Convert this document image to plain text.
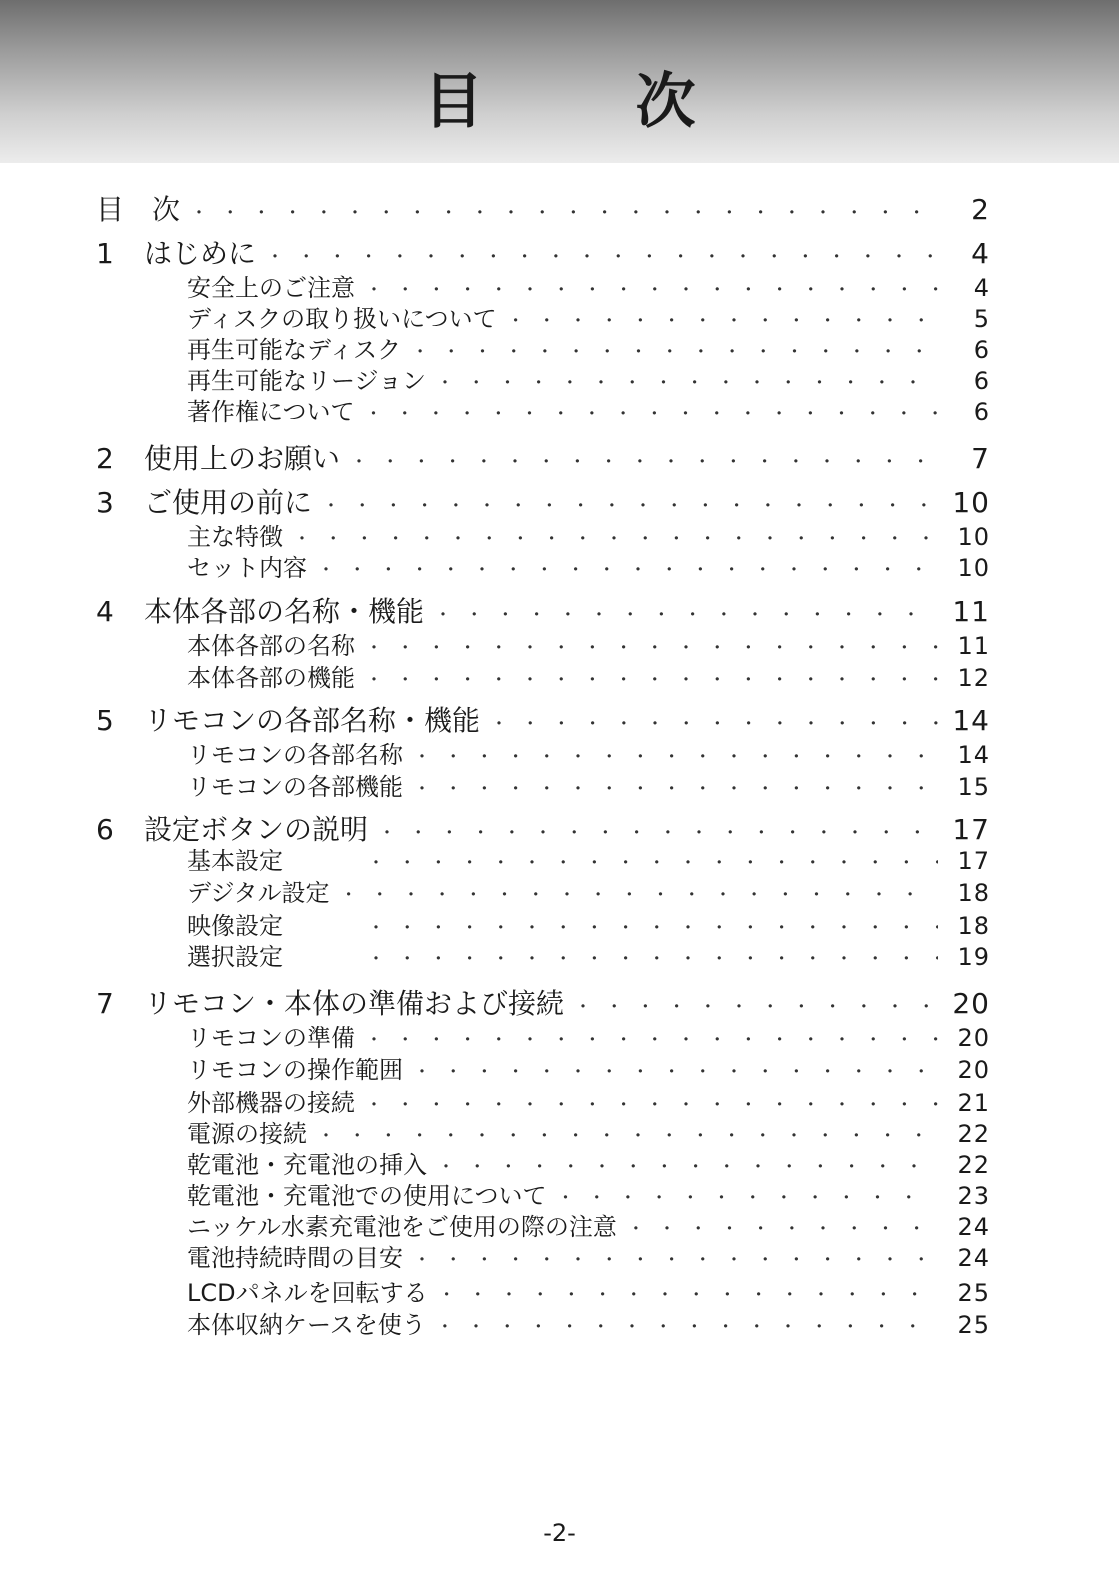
目　次
目　次 ・・・・・・・・・・・・・・・・・・・・・・・・・・・・・・・・・・・・・・・・・・・・・・・・・・・・・・	2
1	はじめに ・・・・・・・・・・・・・・・・・・・・・・・・・・・・・・・・・・・・・・・・・・・・・・・・・・・・・・	4
安全上のご注意 ・・・・・・・・・・・・・・・・・・・・・・・・・・・・・・・・・・・・・・・・・・・・・・・・・・・・・・	4
ディスクの取り扱いについて ・・・・・・・・・・・・・・・・・・・・・・・・・・・・・・・・・・・・・・・・・・・・・・・・・・・・・・	5
再生可能なディスク ・・・・・・・・・・・・・・・・・・・・・・・・・・・・・・・・・・・・・・・・・・・・・・・・・・・・・・	6
再生可能なリージョン ・・・・・・・・・・・・・・・・・・・・・・・・・・・・・・・・・・・・・・・・・・・・・・・・・・・・・・	6
著作権について ・・・・・・・・・・・・・・・・・・・・・・・・・・・・・・・・・・・・・・・・・・・・・・・・・・・・・・	6
2	使用上のお願い ・・・・・・・・・・・・・・・・・・・・・・・・・・・・・・・・・・・・・・・・・・・・・・・・・・・・・・	7
3	ご使用の前に ・・・・・・・・・・・・・・・・・・・・・・・・・・・・・・・・・・・・・・・・・・・・・・・・・・・・・・	10
主な特徴 ・・・・・・・・・・・・・・・・・・・・・・・・・・・・・・・・・・・・・・・・・・・・・・・・・・・・・・	10
セット内容 ・・・・・・・・・・・・・・・・・・・・・・・・・・・・・・・・・・・・・・・・・・・・・・・・・・・・・・	10
4	本体各部の名称・機能 ・・・・・・・・・・・・・・・・・・・・・・・・・・・・・・・・・・・・・・・・・・・・・・・・・・・・・・	11
本体各部の名称 ・・・・・・・・・・・・・・・・・・・・・・・・・・・・・・・・・・・・・・・・・・・・・・・・・・・・・・	11
本体各部の機能 ・・・・・・・・・・・・・・・・・・・・・・・・・・・・・・・・・・・・・・・・・・・・・・・・・・・・・・	12
5	リモコンの各部名称・機能 ・・・・・・・・・・・・・・・・・・・・・・・・・・・・・・・・・・・・・・・・・・・・・・・・・・・・・・	14
リモコンの各部名称 ・・・・・・・・・・・・・・・・・・・・・・・・・・・・・・・・・・・・・・・・・・・・・・・・・・・・・・	14
リモコンの各部機能 ・・・・・・・・・・・・・・・・・・・・・・・・・・・・・・・・・・・・・・・・・・・・・・・・・・・・・・	15
6	設定ボタンの説明 ・・・・・・・・・・・・・・・・・・・・・・・・・・・・・・・・・・・・・・・・・・・・・・・・・・・・・・	17
基本設定 ・・・・・・・・・・・・・・・・・・・・・・・・・・・・・・・・・・・・・・・・・・・・・・・・・・・・・・	17
デジタル設定 ・・・・・・・・・・・・・・・・・・・・・・・・・・・・・・・・・・・・・・・・・・・・・・・・・・・・・・	18
映像設定 ・・・・・・・・・・・・・・・・・・・・・・・・・・・・・・・・・・・・・・・・・・・・・・・・・・・・・・	18
選択設定 ・・・・・・・・・・・・・・・・・・・・・・・・・・・・・・・・・・・・・・・・・・・・・・・・・・・・・・	19
7	リモコン・本体の準備および接続 ・・・・・・・・・・・・・・・・・・・・・・・・・・・・・・・・・・・・・・・・・・・・・・・・・・・・・・	20
リモコンの準備 ・・・・・・・・・・・・・・・・・・・・・・・・・・・・・・・・・・・・・・・・・・・・・・・・・・・・・・	20
リモコンの操作範囲 ・・・・・・・・・・・・・・・・・・・・・・・・・・・・・・・・・・・・・・・・・・・・・・・・・・・・・・	20
外部機器の接続 ・・・・・・・・・・・・・・・・・・・・・・・・・・・・・・・・・・・・・・・・・・・・・・・・・・・・・・	21
電源の接続 ・・・・・・・・・・・・・・・・・・・・・・・・・・・・・・・・・・・・・・・・・・・・・・・・・・・・・・	22
乾電池・充電池の挿入 ・・・・・・・・・・・・・・・・・・・・・・・・・・・・・・・・・・・・・・・・・・・・・・・・・・・・・・	22
乾電池・充電池での使用について ・・・・・・・・・・・・・・・・・・・・・・・・・・・・・・・・・・・・・・・・・・・・・・・・・・・・・・	23
ニッケル水素充電池をご使用の際の注意 ・・・・・・・・・・・・・・・・・・・・・・・・・・・・・・・・・・・・・・・・・・・・・・・・・・・・・・	24
電池持続時間の目安 ・・・・・・・・・・・・・・・・・・・・・・・・・・・・・・・・・・・・・・・・・・・・・・・・・・・・・・	24
LCDパネルを回転する ・・・・・・・・・・・・・・・・・・・・・・・・・・・・・・・・・・・・・・・・・・・・・・・・・・・・・・	25
本体収納ケースを使う ・・・・・・・・・・・・・・・・・・・・・・・・・・・・・・・・・・・・・・・・・・・・・・・・・・・・・・	25
-2-
